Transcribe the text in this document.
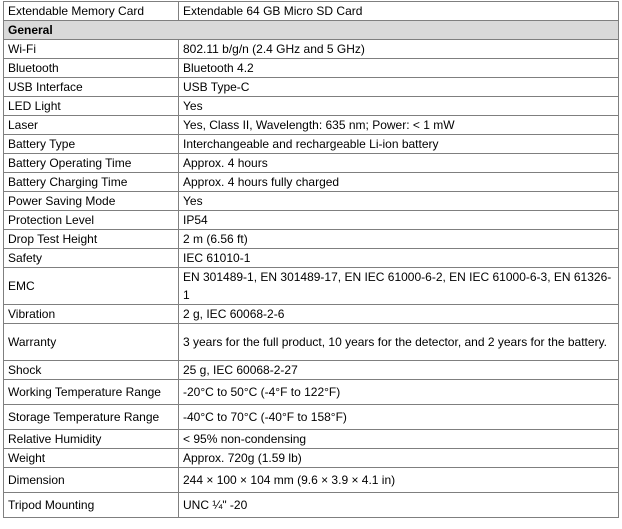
Extendable Memory Card	Extendable 64 GB Micro SD Card
General	
Wi-Fi	802.11 b/g/n (2.4 GHz and 5 GHz)
Bluetooth	Bluetooth 4.2
USB Interface	USB Type-C
LED Light	Yes
Laser	Yes, Class II, Wavelength: 635 nm; Power: < 1 mW
Battery Type	Interchangeable and rechargeable Li-ion battery
Battery Operating Time	Approx. 4 hours
Battery Charging Time	Approx. 4 hours fully charged
Power Saving Mode	Yes
Protection Level	IP54
Drop Test Height	2 m (6.56 ft)
Safety	IEC 61010-1
EMC	EN 301489-1, EN 301489-17, EN IEC 61000-6-2, EN IEC 61000-6-3, EN 61326-1
Vibration	2 g, IEC 60068-2-6
Warranty	3 years for the full product, 10 years for the detector, and 2 years for the battery.
Shock	25 g, IEC 60068-2-27
Working Temperature Range	-20°C to 50°C (-4°F to 122°F)
Storage Temperature Range	-40°C to 70°C (-40°F to 158°F)
Relative Humidity	< 95% non-condensing
Weight	Approx. 720g (1.59 lb)
Dimension	244 × 100 × 104 mm (9.6 × 3.9 × 4.1 in)
Tripod Mounting	UNC ¼" -20
